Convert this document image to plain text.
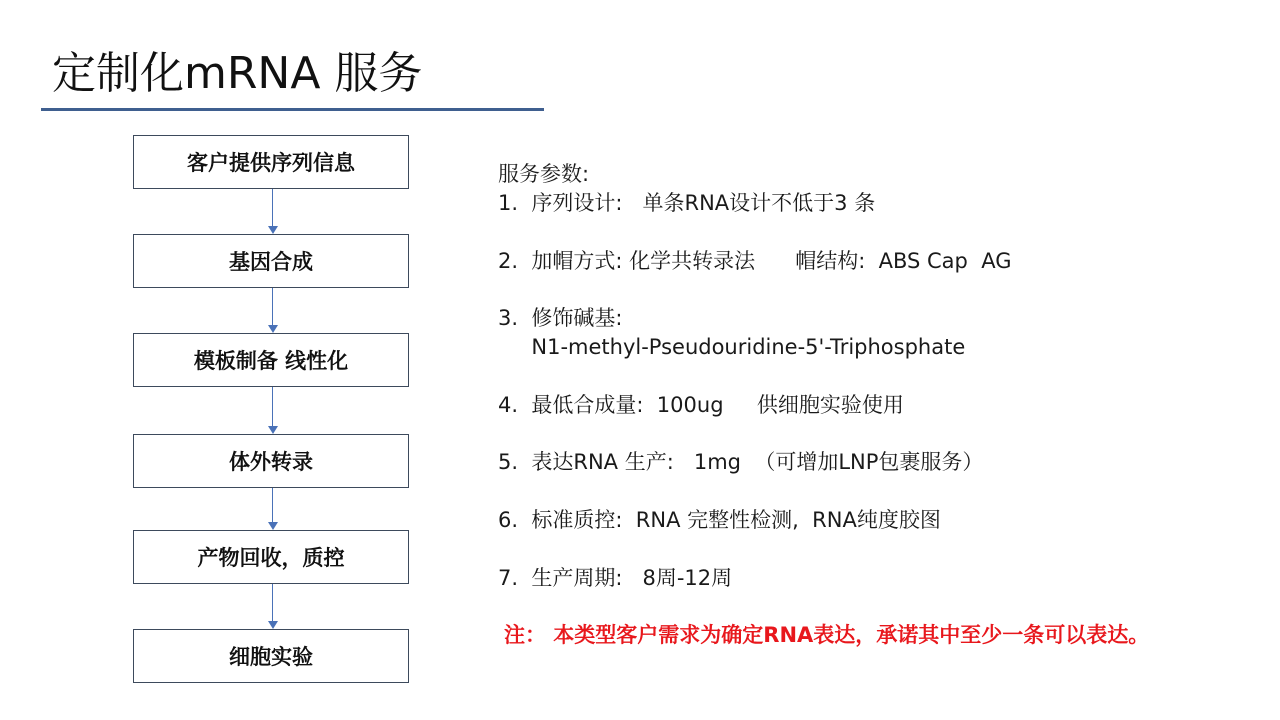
定制化mRNA 服务
客户提供序列信息
基因合成
模板制备 线性化
体外转录
产物回收，质控
细胞实验
服务参数:
1.  序列设计:   单条RNA设计不低于3 条
2.  加帽方式: 化学共转录法      帽结构:  ABS Cap  AG
3.  修饰碱基:
N1-methyl-Pseudouridine-5'-Triphosphate
4.  最低合成量:  100ug     供细胞实验使用
5.  表达RNA 生产:   1mg  （可增加LNP包裹服务）
6.  标准质控:  RNA 完整性检测,  RNA纯度胶图
7.  生产周期:   8周-12周
注： 本类型客户需求为确定RNA表达，承诺其中至少一条可以表达。
